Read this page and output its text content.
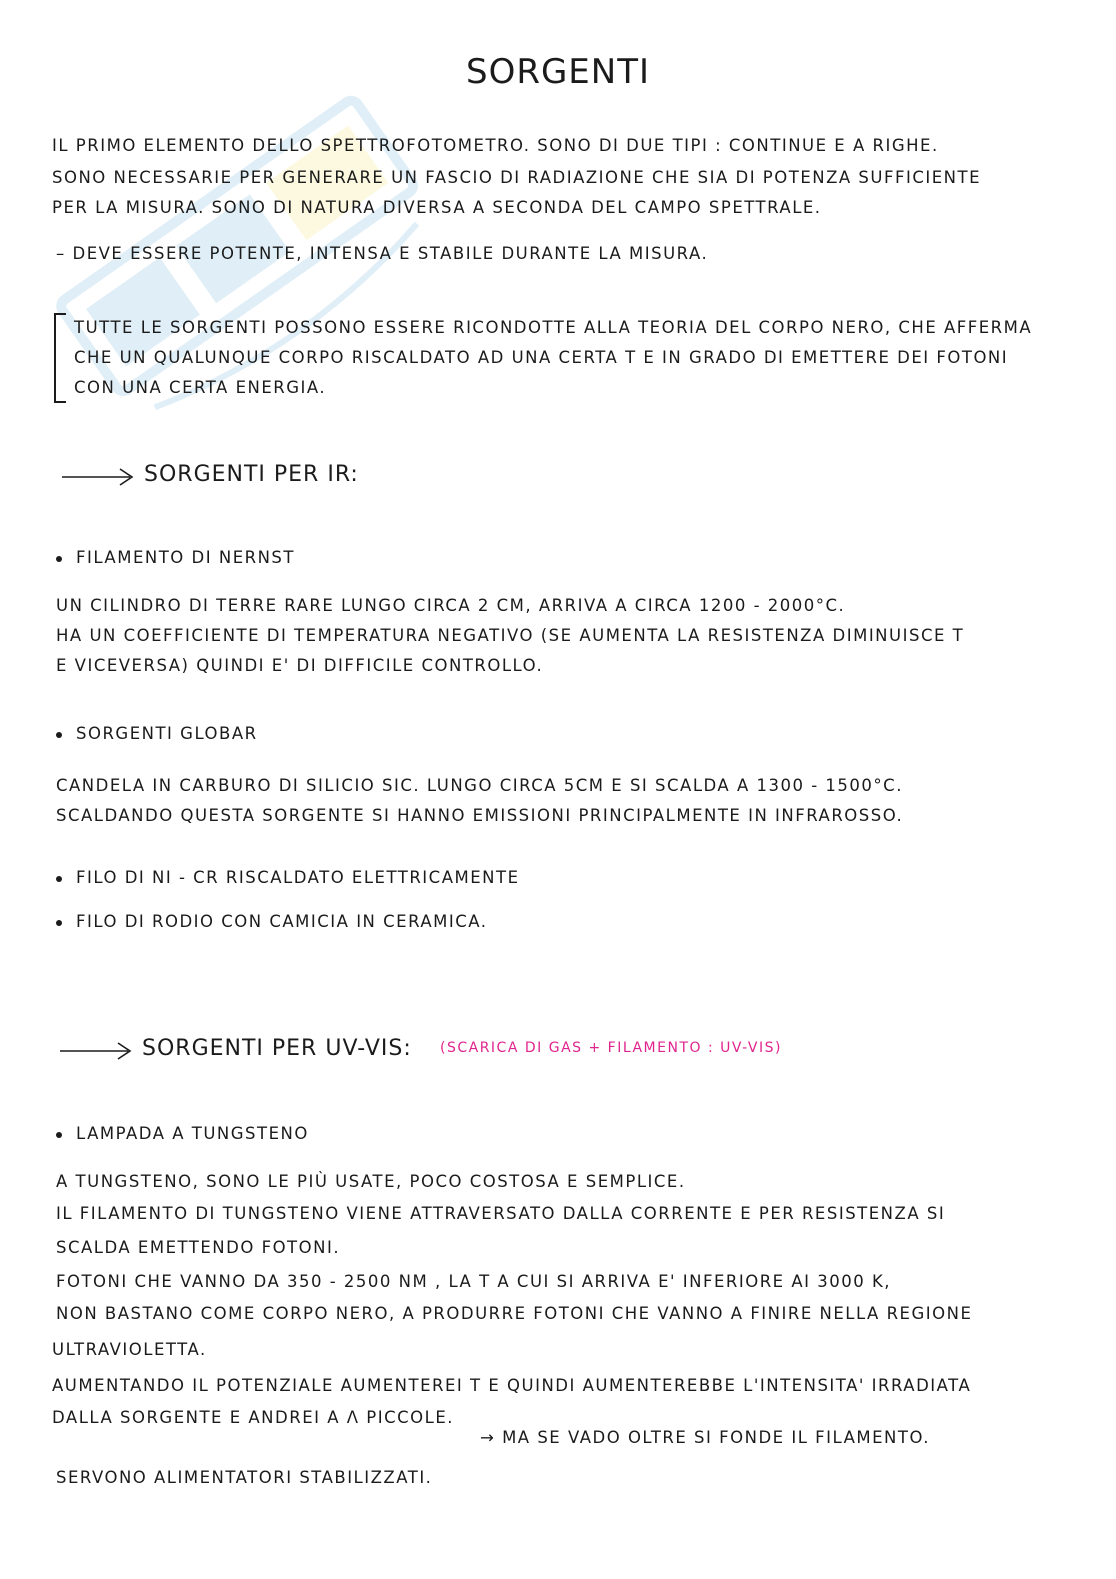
SORGENTI
IL PRIMO ELEMENTO DELLO SPETTROFOTOMETRO. SONO DI DUE TIPI : CONTINUE E A RIGHE.
SONO NECESSARIE PER GENERARE UN FASCIO DI RADIAZIONE CHE SIA DI POTENZA SUFFICIENTE
PER LA MISURA. SONO DI NATURA DIVERSA A SECONDA DEL CAMPO SPETTRALE.
– DEVE ESSERE POTENTE, INTENSA E STABILE DURANTE LA MISURA.
TUTTE LE SORGENTI POSSONO ESSERE RICONDOTTE ALLA TEORIA DEL CORPO NERO, CHE AFFERMA
CHE UN QUALUNQUE CORPO RISCALDATO AD UNA CERTA T E IN GRADO DI EMETTERE DEI FOTONI
CON UNA CERTA ENERGIA.
SORGENTI PER IR:
FILAMENTO DI NERNST
UN CILINDRO DI TERRE RARE LUNGO CIRCA 2 CM, ARRIVA A CIRCA 1200 - 2000°C.
HA UN COEFFICIENTE DI TEMPERATURA NEGATIVO (SE AUMENTA LA RESISTENZA DIMINUISCE T
E VICEVERSA) QUINDI E' DI DIFFICILE CONTROLLO.
SORGENTI GLOBAR
CANDELA IN CARBURO DI SILICIO SIC. LUNGO CIRCA 5CM E SI SCALDA A 1300 - 1500°C.
SCALDANDO QUESTA SORGENTE SI HANNO EMISSIONI PRINCIPALMENTE IN INFRAROSSO.
FILO DI NI - CR RISCALDATO ELETTRICAMENTE
FILO DI RODIO CON CAMICIA IN CERAMICA.
SORGENTI PER UV-VIS: (SCARICA DI GAS + FILAMENTO : UV-VIS)
LAMPADA A TUNGSTENO
A TUNGSTENO, SONO LE PIÙ USATE, POCO COSTOSA E SEMPLICE.
IL FILAMENTO DI TUNGSTENO VIENE ATTRAVERSATO DALLA CORRENTE E PER RESISTENZA SI
SCALDA EMETTENDO FOTONI.
FOTONI CHE VANNO DA 350 - 2500 NM , LA T A CUI SI ARRIVA E' INFERIORE AI 3000 K,
NON BASTANO COME CORPO NERO, A PRODURRE FOTONI CHE VANNO A FINIRE NELLA REGIONE
ULTRAVIOLETTA.
AUMENTANDO IL POTENZIALE AUMENTEREI T E QUINDI AUMENTEREBBE L'INTENSITA' IRRADIATA
DALLA SORGENTE E ANDREI A Λ PICCOLE.
→ MA SE VADO OLTRE SI FONDE IL FILAMENTO.
SERVONO ALIMENTATORI STABILIZZATI.
